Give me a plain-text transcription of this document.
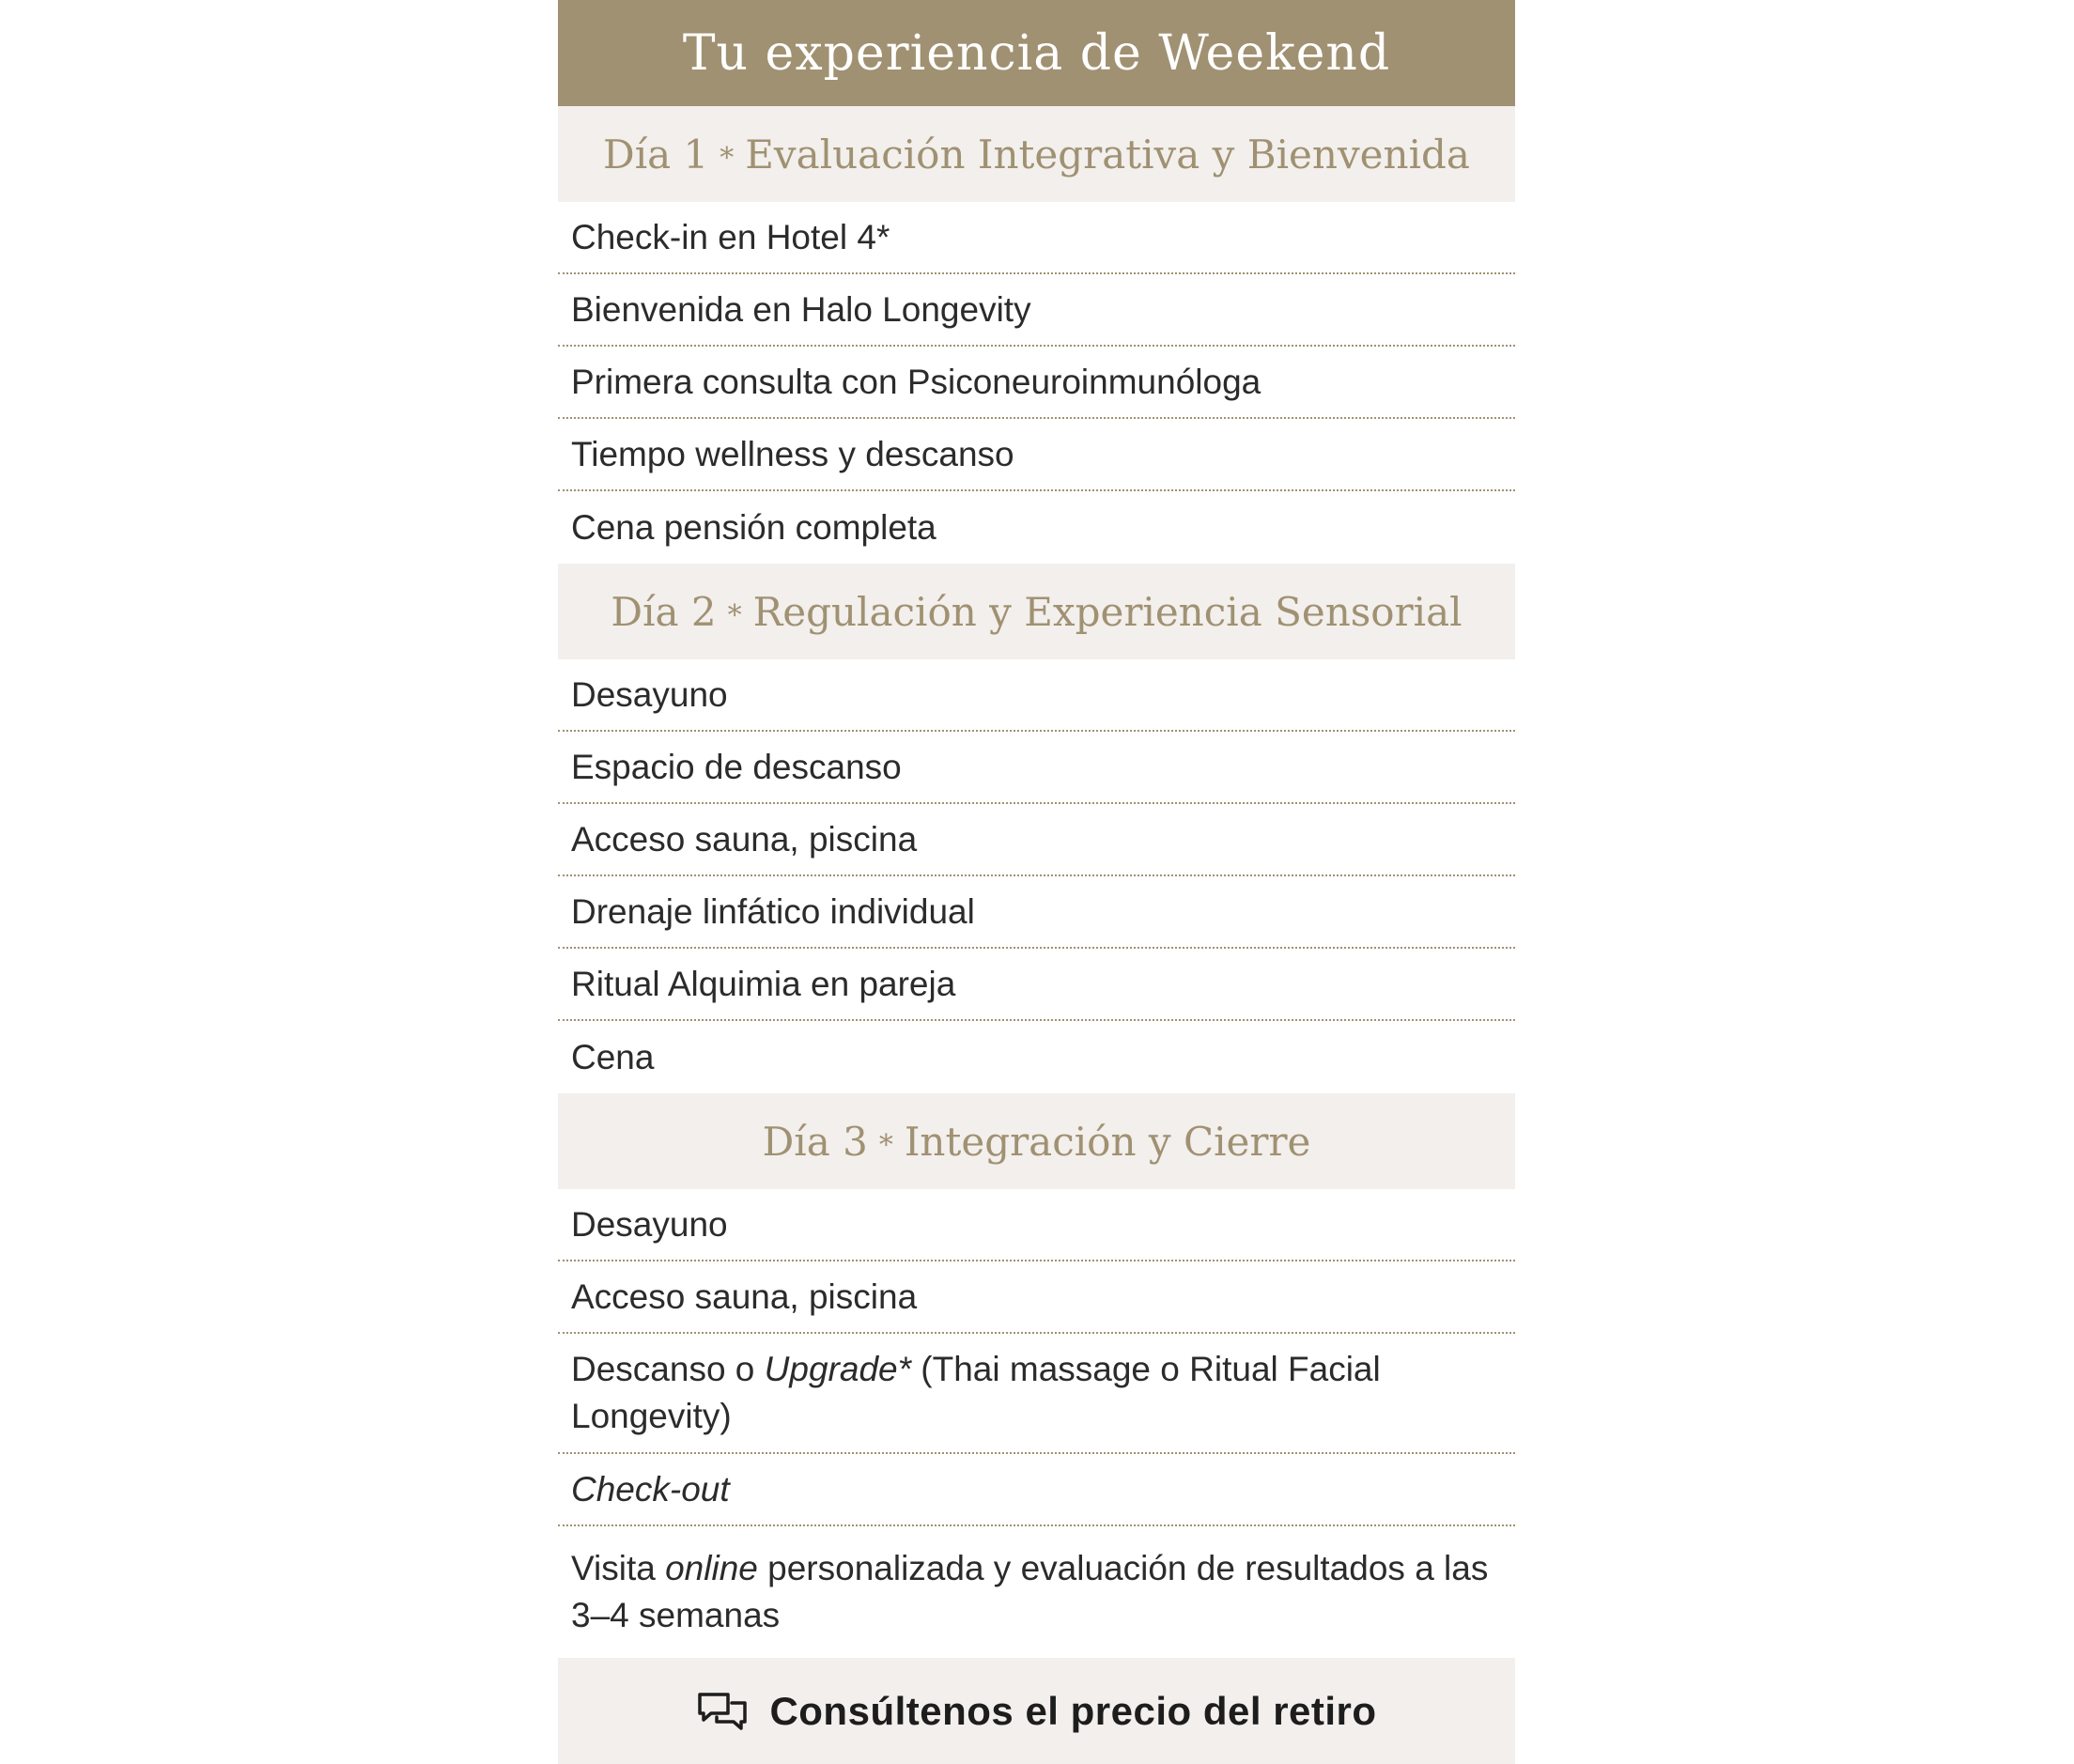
Tu experiencia de Weekend
Día 1 * Evaluación Integrativa y Bienvenida
Check-in en Hotel 4*
Bienvenida en Halo Longevity
Primera consulta con Psiconeuroinmunóloga
Tiempo wellness y descanso
Cena pensión completa
Día 2 * Regulación y Experiencia Sensorial
Desayuno
Espacio de descanso
Acceso sauna, piscina
Drenaje linfático individual
Ritual Alquimia en pareja
Cena
Día 3 * Integración y Cierre
Desayuno
Acceso sauna, piscina
Descanso o Upgrade* (Thai massage o Ritual Facial Longevity)
Check-out
Visita online personalizada y evaluación de resultados a las 3–4 semanas
Consúltenos el precio del retiro
